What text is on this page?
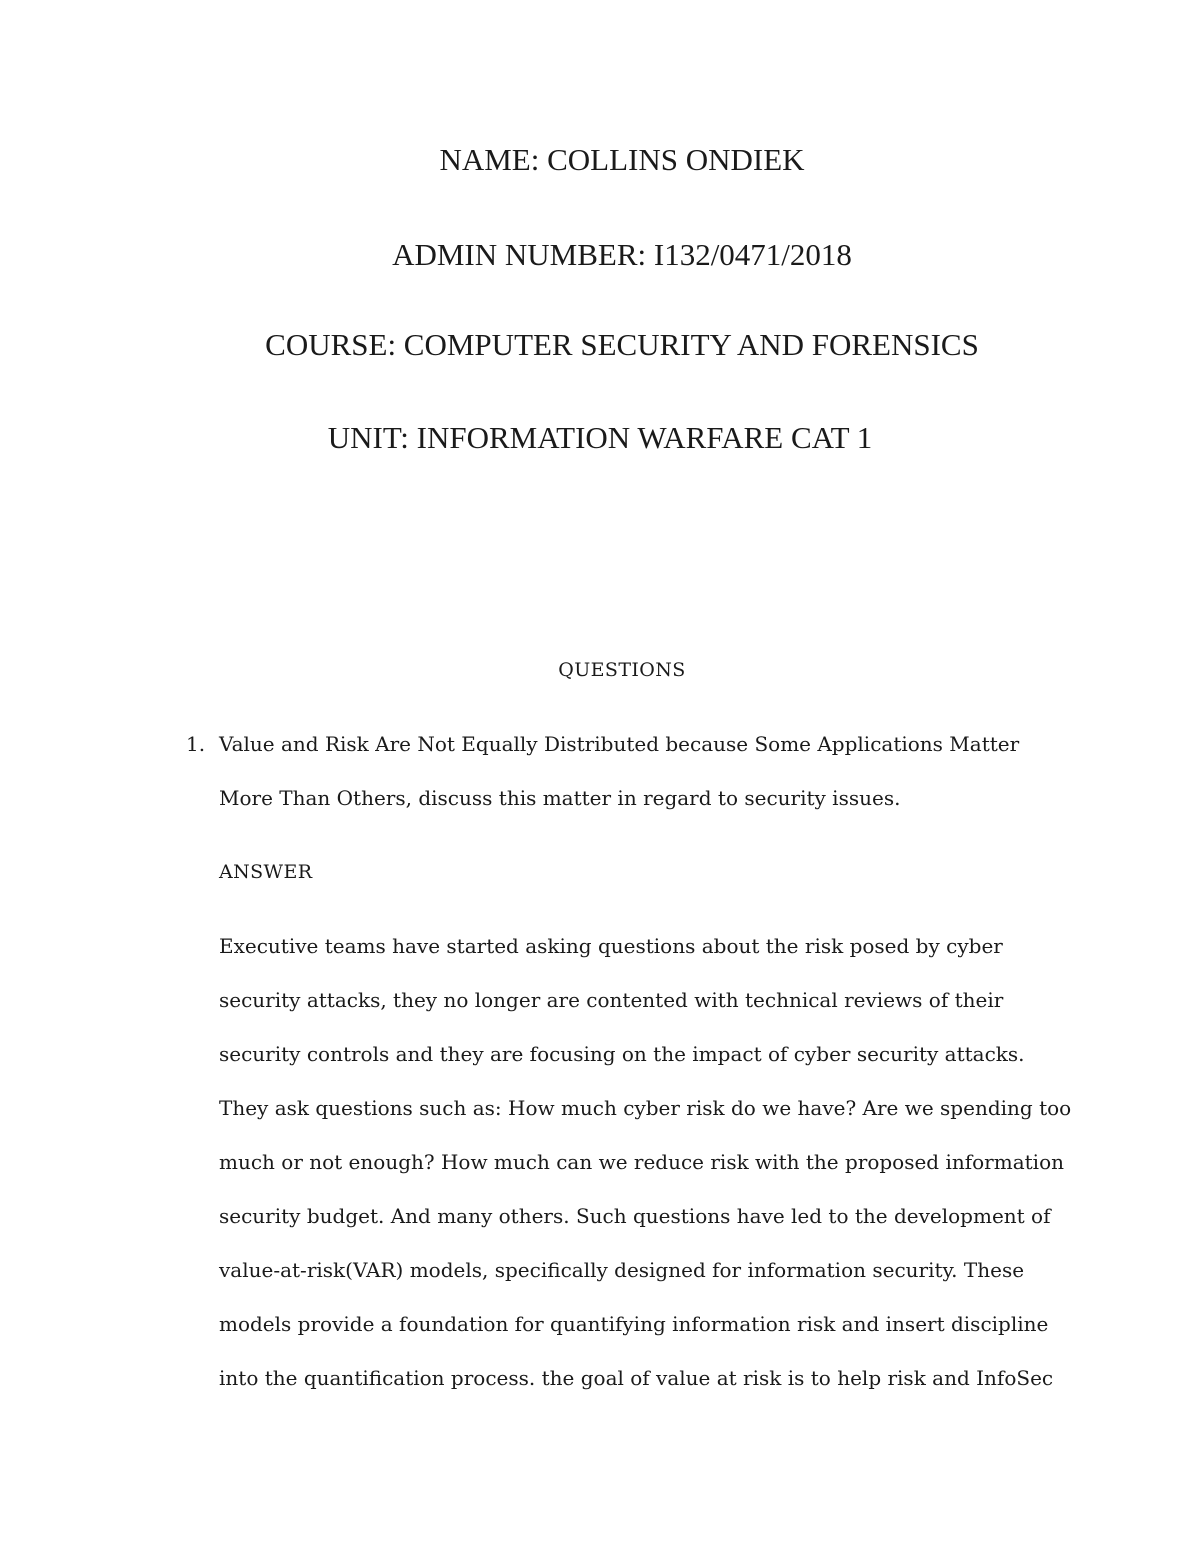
NAME: COLLINS ONDIEK
ADMIN NUMBER: I132/0471/2018
COURSE: COMPUTER SECURITY AND FORENSICS
UNIT: INFORMATION WARFARE CAT 1
QUESTIONS
1. Value and Risk Are Not Equally Distributed because Some Applications Matter
More Than Others, discuss this matter in regard to security issues.
ANSWER
Executive teams have started asking questions about the risk posed by cyber
security attacks, they no longer are contented with technical reviews of their
security controls and they are focusing on the impact of cyber security attacks.
They ask questions such as: How much cyber risk do we have? Are we spending too
much or not enough? How much can we reduce risk with the proposed information
security budget. And many others. Such questions have led to the development of
value-at-risk(VAR) models, specifically designed for information security. These
models provide a foundation for quantifying information risk and insert discipline
into the quantification process. the goal of value at risk is to help risk and InfoSec
